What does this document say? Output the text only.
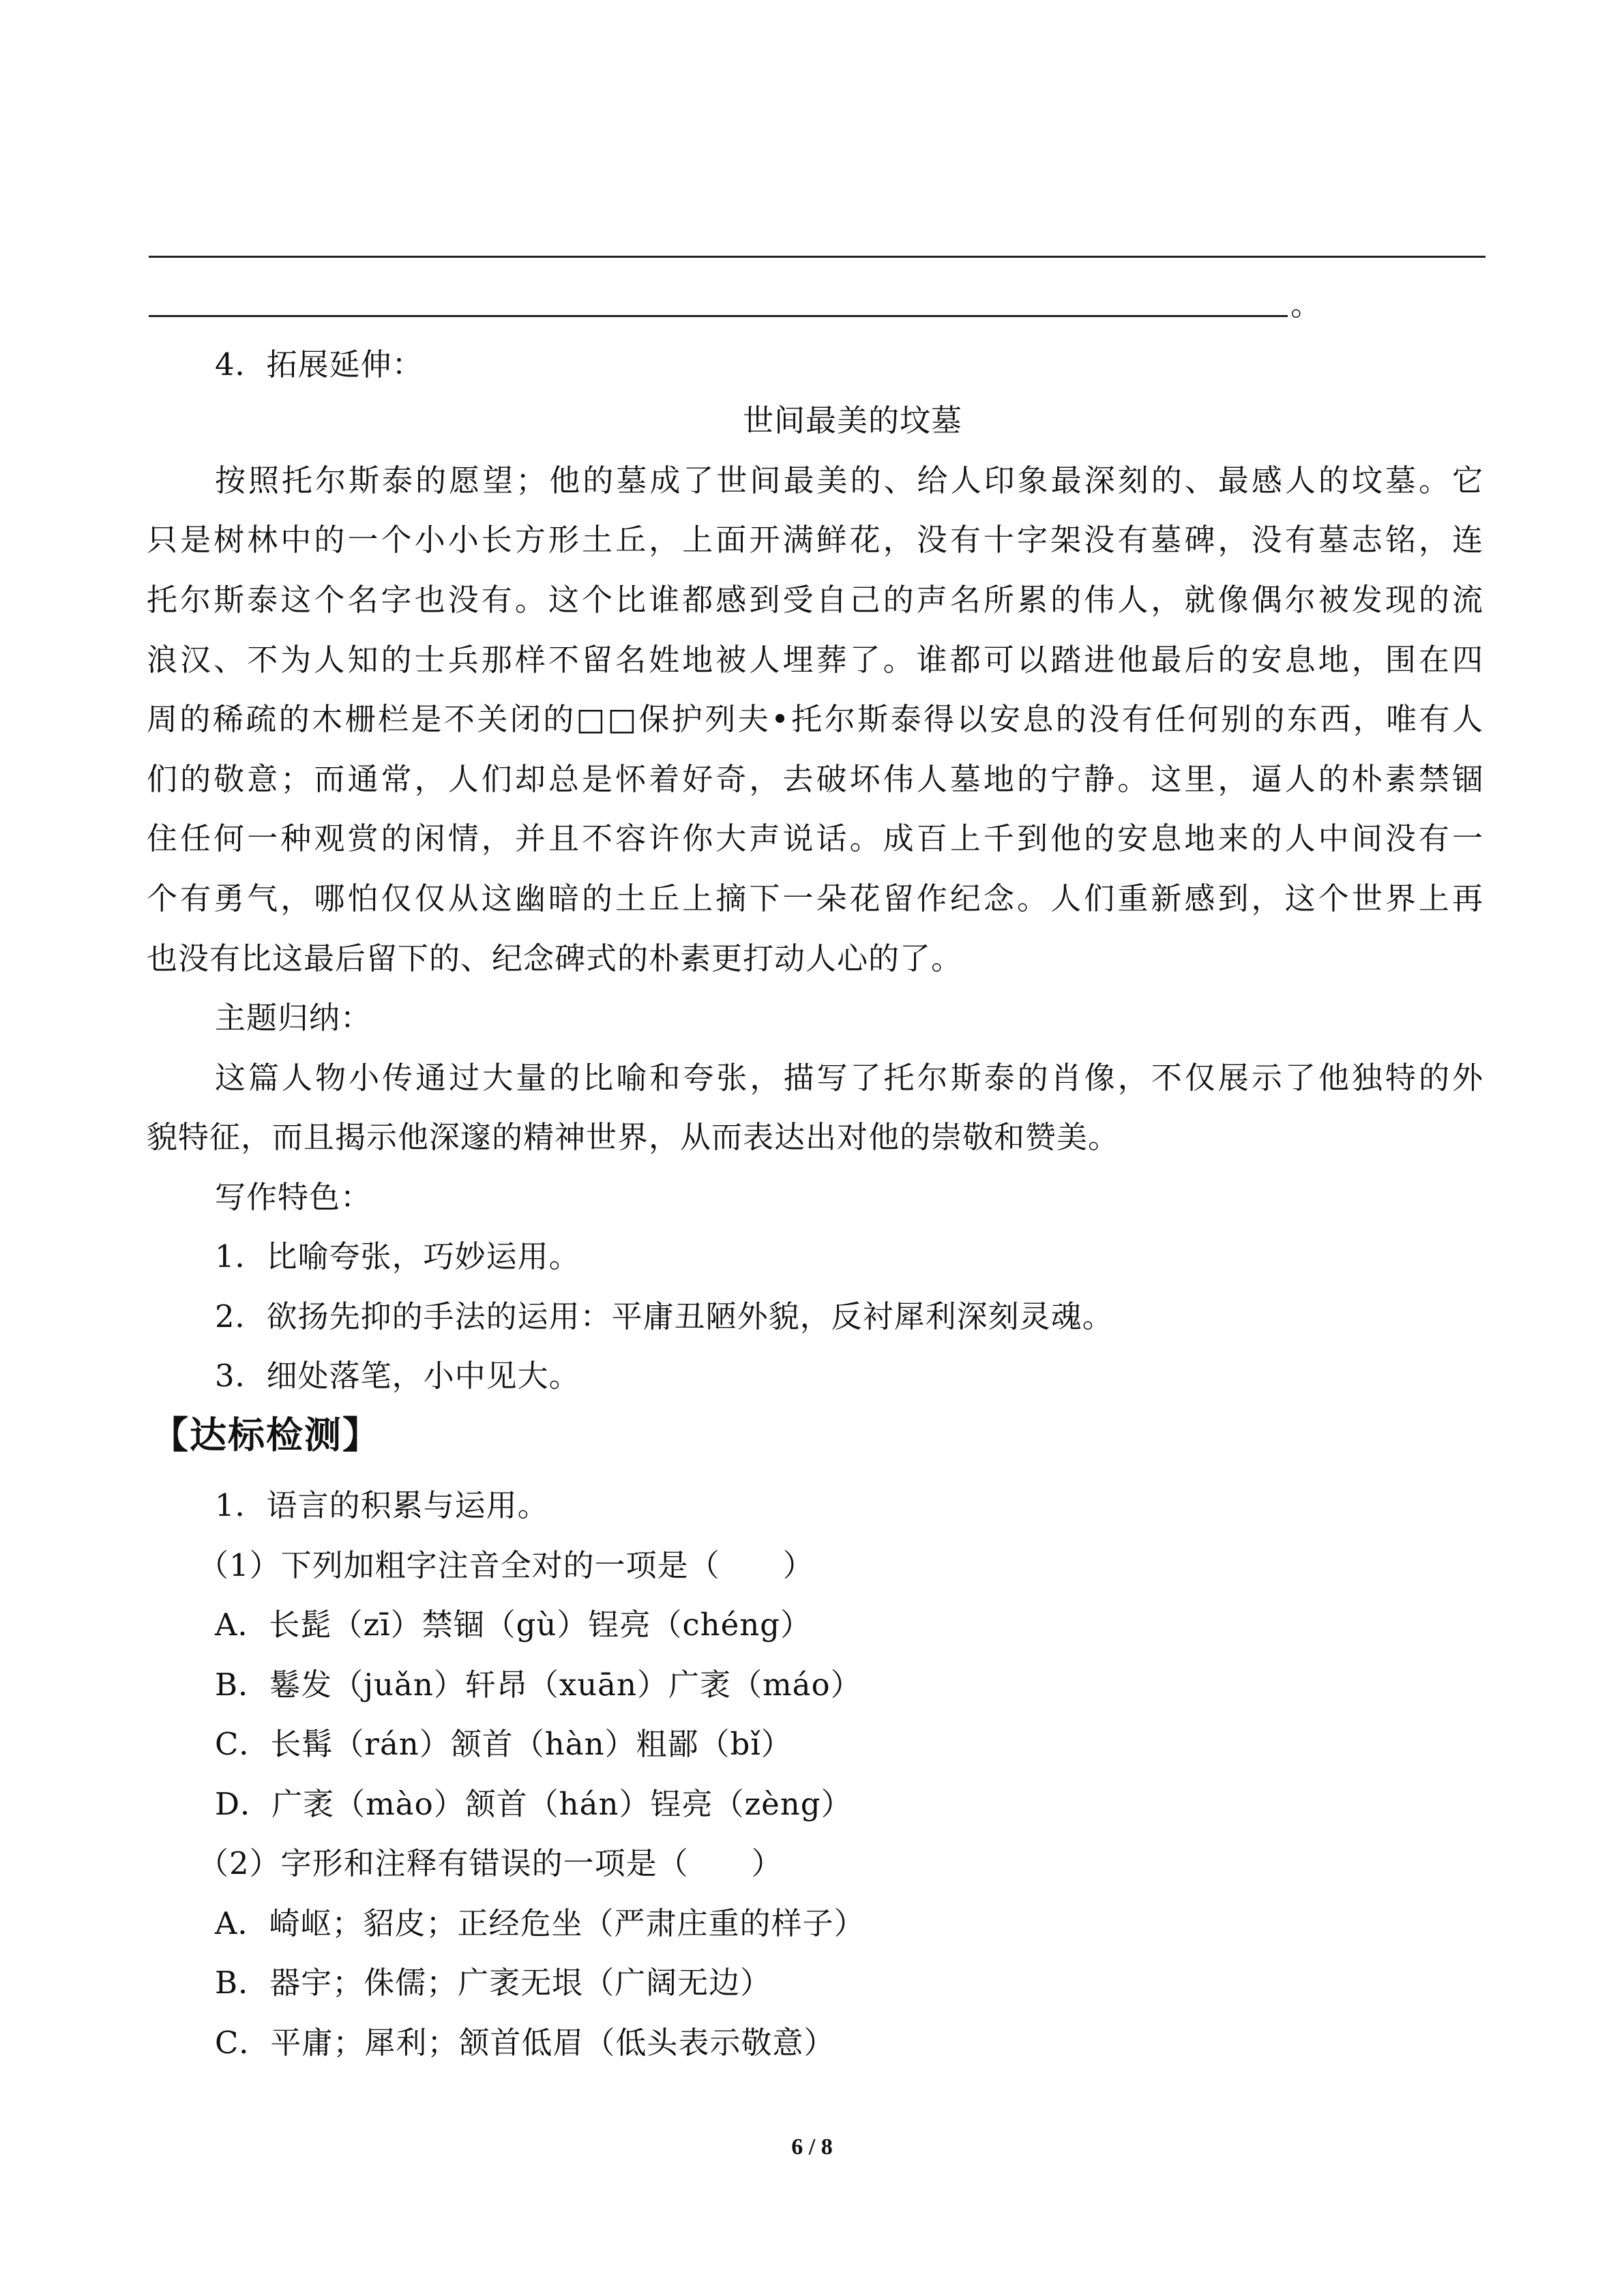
。
4．拓展延伸：
世间最美的坟墓
按照托尔斯泰的愿望；他的墓成了世间最美的、给人印象最深刻的、最感人的坟墓。它
只是树林中的一个小小长方形土丘，上面开满鲜花，没有十字架没有墓碑，没有墓志铭，连
托尔斯泰这个名字也没有。这个比谁都感到受自己的声名所累的伟人，就像偶尔被发现的流
浪汉、不为人知的士兵那样不留名姓地被人埋葬了。谁都可以踏进他最后的安息地，围在四
周的稀疏的木栅栏是不关闭的□□保护列夫•托尔斯泰得以安息的没有任何别的东西，唯有人
们的敬意；而通常，人们却总是怀着好奇，去破坏伟人墓地的宁静。这里，逼人的朴素禁锢
住任何一种观赏的闲情，并且不容许你大声说话。成百上千到他的安息地来的人中间没有一
个有勇气，哪怕仅仅从这幽暗的土丘上摘下一朵花留作纪念。人们重新感到，这个世界上再
也没有比这最后留下的、纪念碑式的朴素更打动人心的了。
主题归纳：
这篇人物小传通过大量的比喻和夸张，描写了托尔斯泰的肖像，不仅展示了他独特的外
貌特征，而且揭示他深邃的精神世界，从而表达出对他的崇敬和赞美。
写作特色：
1．比喻夸张，巧妙运用。
2．欲扬先抑的手法的运用：平庸丑陋外貌，反衬犀利深刻灵魂。
3．细处落笔，小中见大。
【达标检测】
1．语言的积累与运用。
（1）下列加粗字注音全对的一项是（　　）
A．长髭（zī）禁锢（gù）锃亮（chéng）
B．鬈发（juǎn）轩昂（xuān）广袤（máo）
C．长髯（rán）颔首（hàn）粗鄙（bǐ）
D．广袤（mào）颔首（hán）锃亮（zèng）
（2）字形和注释有错误的一项是（　　）
A．崎岖；貂皮；正经危坐（严肃庄重的样子）
B．器宇；侏儒；广袤无垠（广阔无边）
C．平庸；犀利；颔首低眉（低头表示敬意）
6 / 8
